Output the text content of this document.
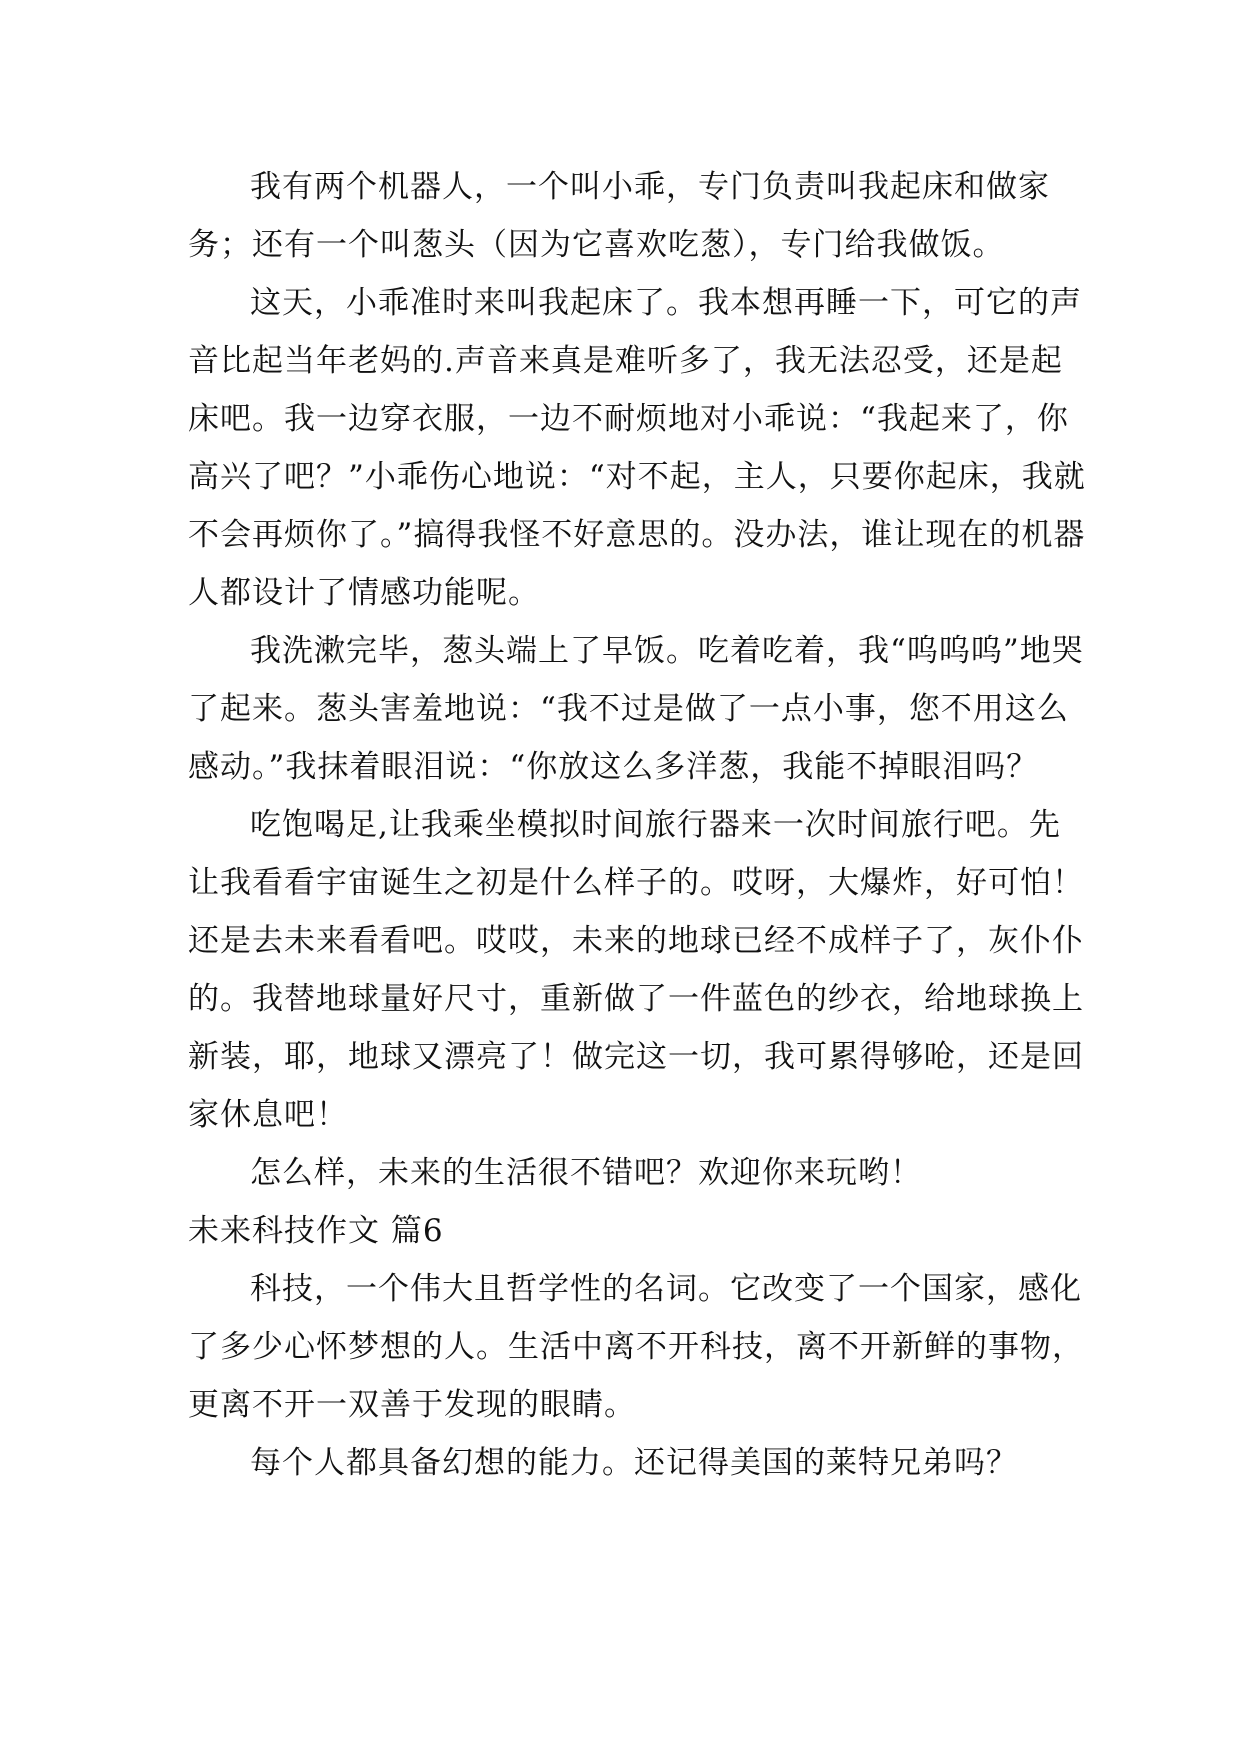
我有两个机器人，一个叫小乖，专门负责叫我起床和做家务；还有一个叫葱头（因为它喜欢吃葱），专门给我做饭。

这天，小乖准时来叫我起床了。我本想再睡一下，可它的声音比起当年老妈的.声音来真是难听多了，我无法忍受，还是起床吧。我一边穿衣服，一边不耐烦地对小乖说：“我起来了，你高兴了吧？”小乖伤心地说：“对不起，主人，只要你起床，我就不会再烦你了。”搞得我怪不好意思的。没办法，谁让现在的机器人都设计了情感功能呢。

我洗漱完毕，葱头端上了早饭。吃着吃着，我“呜呜呜”地哭了起来。葱头害羞地说：“我不过是做了一点小事，您不用这么感动。”我抹着眼泪说：“你放这么多洋葱，我能不掉眼泪吗？

吃饱喝足,让我乘坐模拟时间旅行器来一次时间旅行吧。先让我看看宇宙诞生之初是什么样子的。哎呀，大爆炸，好可怕！还是去未来看看吧。哎哎，未来的地球已经不成样子了，灰仆仆的。我替地球量好尺寸，重新做了一件蓝色的纱衣，给地球换上新装，耶，地球又漂亮了！做完这一切，我可累得够呛，还是回家休息吧！

怎么样，未来的生活很不错吧？欢迎你来玩哟！

未来科技作文 篇6

科技，一个伟大且哲学性的名词。它改变了一个国家，感化了多少心怀梦想的人。生活中离不开科技，离不开新鲜的事物，更离不开一双善于发现的眼睛。

每个人都具备幻想的能力。还记得美国的莱特兄弟吗？
